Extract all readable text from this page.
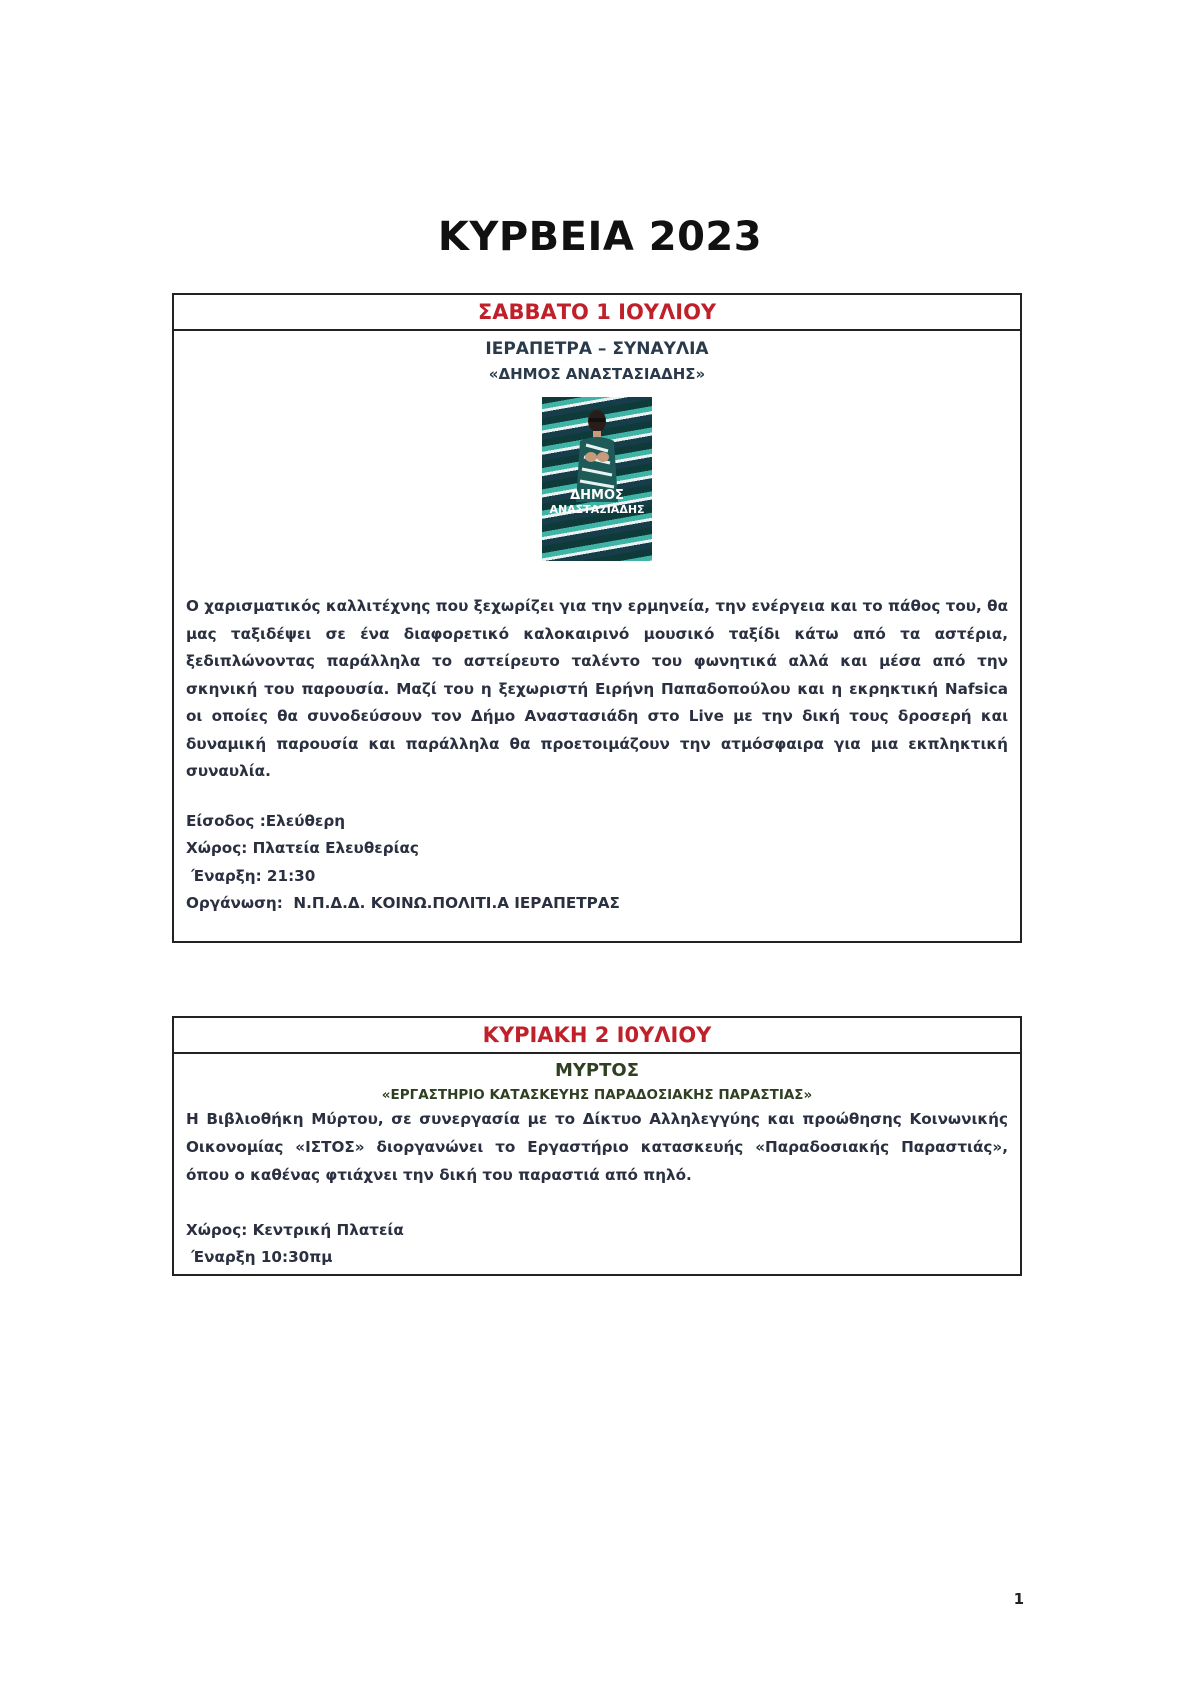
ΚΥΡΒΕΙΑ 2023
ΣΑΒΒΑΤΟ 1 ΙΟΥΛΙΟΥ
ΙΕΡΑΠΕΤΡΑ – ΣΥΝΑΥΛΙΑ
«ΔΗΜΟΣ ΑΝΑΣΤΑΣΙΑΔΗΣ»
ΔΗΜΟΣ
ΑΝΑΣΤΑΣΙΑΔΗΣ
Ο χαρισματικός καλλιτέχνης που ξεχωρίζει για την ερμηνεία, την ενέργεια και το πάθος του, θα μας ταξιδέψει σε ένα διαφορετικό καλοκαιρινό μουσικό ταξίδι κάτω από τα αστέρια, ξεδιπλώνοντας παράλληλα το αστείρευτο ταλέντο του φωνητικά αλλά και μέσα από την σκηνική του παρουσία. Μαζί του η ξεχωριστή Ειρήνη Παπαδοπούλου και η εκρηκτική Nafsica οι οποίες θα συνοδεύσουν τον Δήμο Αναστασιάδη στο Live με την δική τους δροσερή και δυναμική παρουσία και παράλληλα θα προετοιμάζουν την ατμόσφαιρα για μια εκπληκτική συναυλία.
Είσοδος :Ελεύθερη
Χώρος: Πλατεία Ελευθερίας
Έναρξη: 21:30
Οργάνωση:  Ν.Π.Δ.Δ. ΚΟΙΝΩ.ΠΟΛΙΤΙ.Α ΙΕΡΑΠΕΤΡΑΣ
ΚΥΡΙΑΚΗ 2 Ι0ΥΛΙΟΥ
ΜΥΡΤΟΣ
«ΕΡΓΑΣΤΗΡΙΟ ΚΑΤΑΣΚΕΥΗΣ ΠΑΡΑΔΟΣΙΑΚΗΣ ΠΑΡΑΣΤΙΑΣ»
Η Βιβλιοθήκη Μύρτου, σε συνεργασία με το Δίκτυο Αλληλεγγύης και προώθησης Κοινωνικής Οικονομίας «ΙΣΤΟΣ» διοργανώνει το Εργαστήριο κατασκευής «Παραδοσιακής Παραστιάς», όπου ο καθένας φτιάχνει την δική του παραστιά από πηλό.
Χώρος: Κεντρική Πλατεία
Έναρξη 10:30πμ
1
